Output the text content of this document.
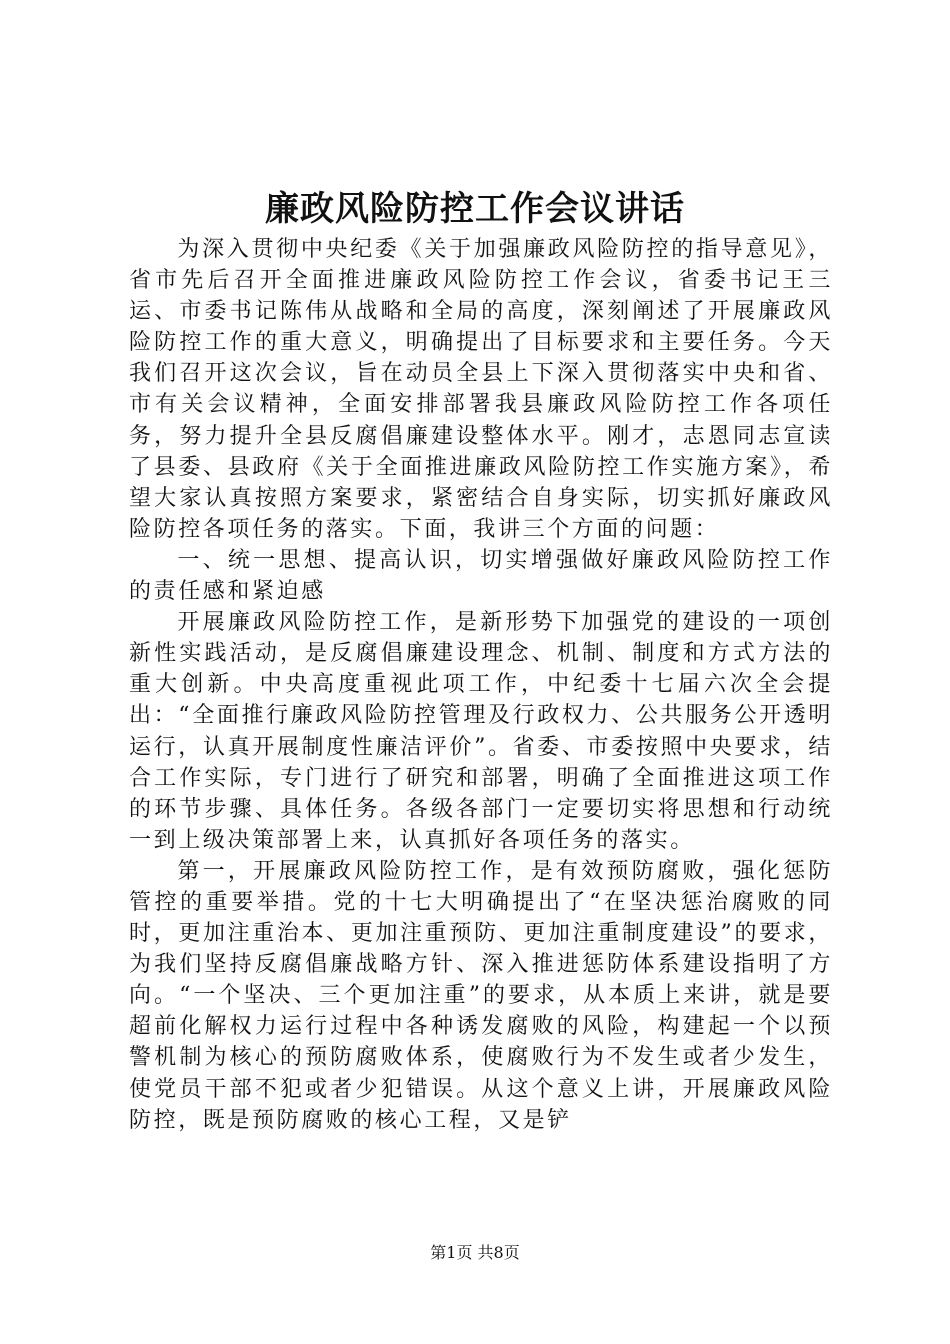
廉政风险防控工作会议讲话

为深入贯彻中央纪委《关于加强廉政风险防控的指导意见》，省市先后召开全面推进廉政风险防控工作会议，省委书记王三运、市委书记陈伟从战略和全局的高度，深刻阐述了开展廉政风险防控工作的重大意义，明确提出了目标要求和主要任务。今天我们召开这次会议，旨在动员全县上下深入贯彻落实中央和省、市有关会议精神，全面安排部署我县廉政风险防控工作各项任务，努力提升全县反腐倡廉建设整体水平。刚才，志恩同志宣读了县委、县政府《关于全面推进廉政风险防控工作实施方案》，希望大家认真按照方案要求，紧密结合自身实际，切实抓好廉政风险防控各项任务的落实。下面，我讲三个方面的问题：

一、统一思想、提高认识，切实增强做好廉政风险防控工作的责任感和紧迫感

开展廉政风险防控工作，是新形势下加强党的建设的一项创新性实践活动，是反腐倡廉建设理念、机制、制度和方式方法的重大创新。中央高度重视此项工作，中纪委十七届六次全会提出：“全面推行廉政风险防控管理及行政权力、公共服务公开透明运行，认真开展制度性廉洁评价”。省委、市委按照中央要求，结合工作实际，专门进行了研究和部署，明确了全面推进这项工作的环节步骤、具体任务。各级各部门一定要切实将思想和行动统一到上级决策部署上来，认真抓好各项任务的落实。

第一，开展廉政风险防控工作，是有效预防腐败，强化惩防管控的重要举措。党的十七大明确提出了“在坚决惩治腐败的同时，更加注重治本、更加注重预防、更加注重制度建设”的要求，为我们坚持反腐倡廉战略方针、深入推进惩防体系建设指明了方向。“一个坚决、三个更加注重”的要求，从本质上来讲，就是要超前化解权力运行过程中各种诱发腐败的风险，构建起一个以预警机制为核心的预防腐败体系，使腐败行为不发生或者少发生，使党员干部不犯或者少犯错误。从这个意义上讲，开展廉政风险防控，既是预防腐败的核心工程，又是铲

第1页 共8页
